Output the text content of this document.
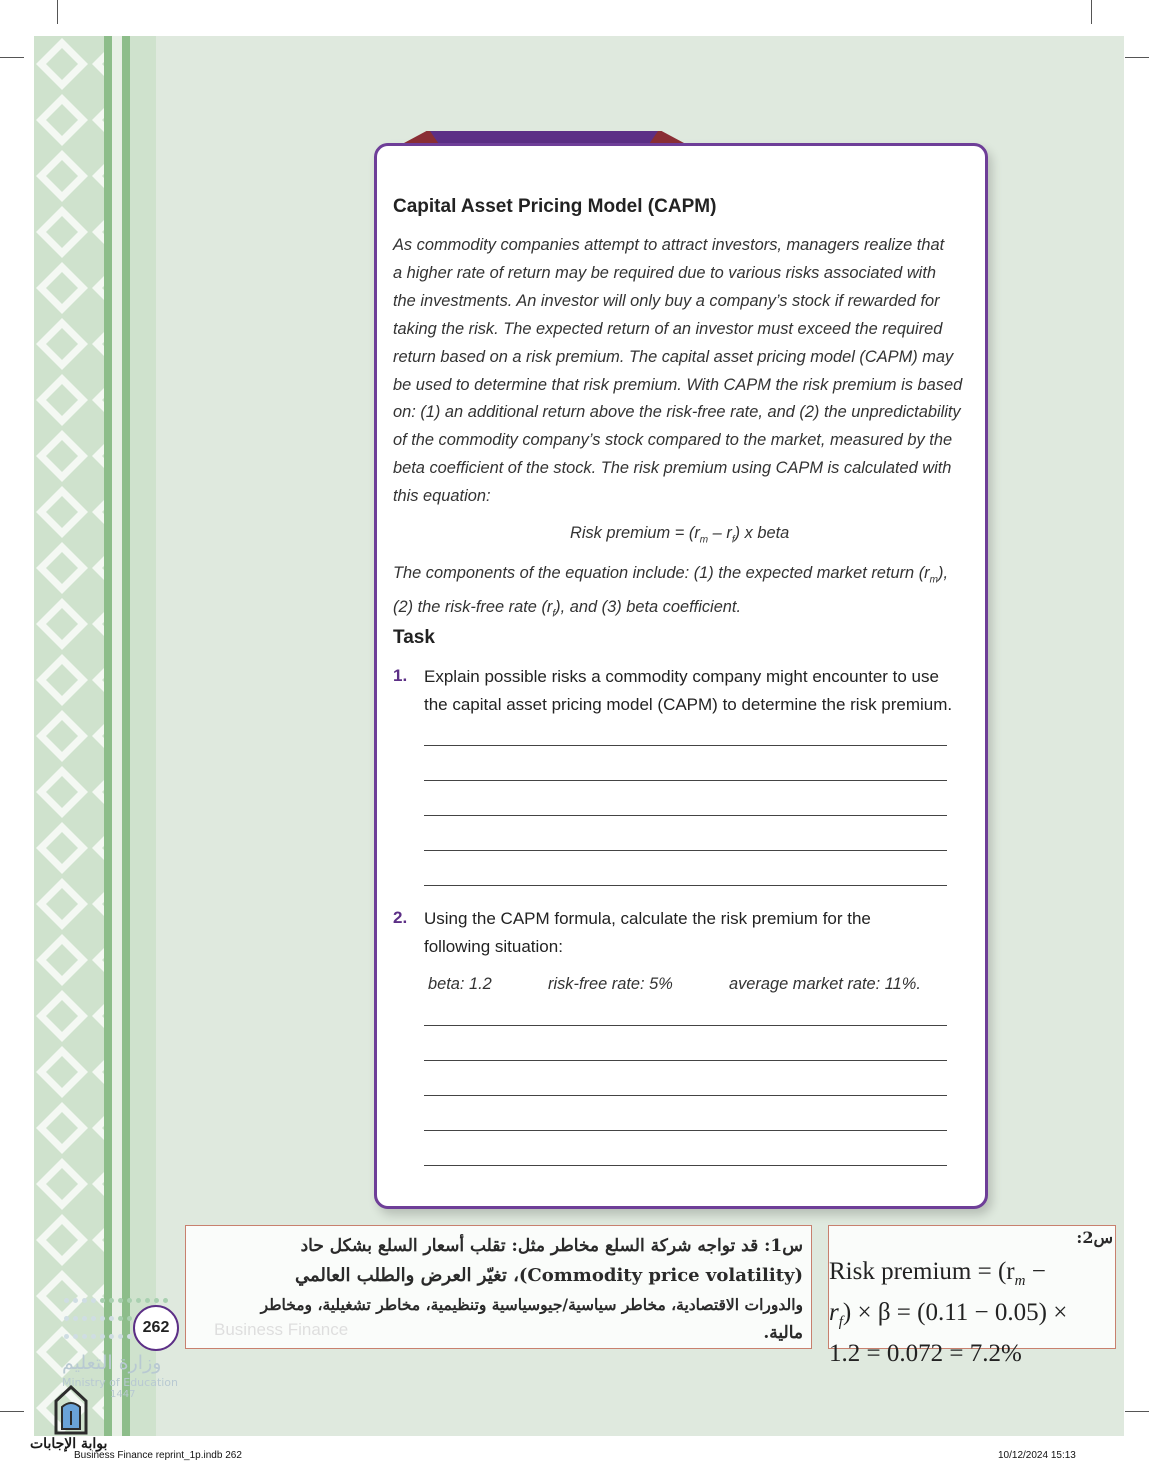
Capital Asset Pricing Model (CAPM)
As commodity companies attempt to attract investors, managers realize that
a higher rate of return may be required due to various risks associated with
the investments. An investor will only buy a company’s stock if rewarded for
taking the risk. The expected return of an investor must exceed the required
return based on a risk premium. The capital asset pricing model (CAPM) may
be used to determine that risk premium. With CAPM the risk premium is based
on: (1) an additional return above the risk-free rate, and (2) the unpredictability
of the commodity company’s stock compared to the market, measured by the
beta coefficient of the stock. The risk premium using CAPM is calculated with
this equation:
Risk premium = $(r_m - r_f)$ x beta
The components of the equation include: (1) the expected market return $(r_m)$,
(2) the risk-free rate $(r_f)$, and (3) beta coefficient.
Task
1. Explain possible risks a commodity company might encounter to use
the capital asset pricing model (CAPM) to determine the risk premium.
2. Using the CAPM formula, calculate the risk premium for the
following situation:
beta: 1.2	risk-free rate: 5%	average market rate: 11%.

وزارة التعليم
Ministry of Education
1447
262
س1: قد تواجه شركة السلع مخاطر مثل: تقلب أسعار السلع بشكل حاد
(Commodity price volatility)، تغيّر العرض والطلب العالمي
والدورات الاقتصادية، مخاطر سياسية/جيوسياسية وتنظيمية، مخاطر تشغيلية، ومخاطر
مالية.
س2:
Risk premium = ($r_m$ −
$r_f) \times \beta = (0.11 - 0.05)$ ×
1.2 = 0.072 = 7.2%
بوابة الإجابات
Business Finance reprint_1p.indb 262	10/12/2024 15:13
